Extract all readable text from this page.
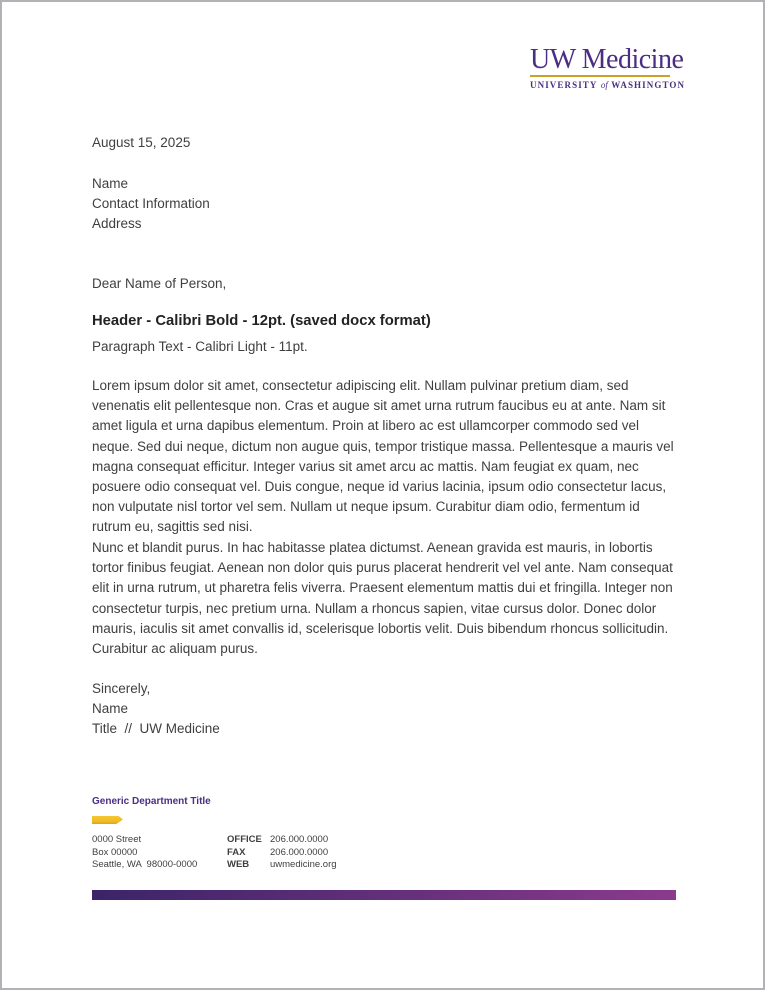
UW Medicine
UNIVERSITY of WASHINGTON
August 15, 2025
Name
Contact Information
Address
Dear Name of Person,
Header - Calibri Bold - 12pt. (saved docx format)
Paragraph Text - Calibri Light - 11pt.
Lorem ipsum dolor sit amet, consectetur adipiscing elit. Nullam pulvinar pretium diam, sed venenatis elit pellentesque non. Cras et augue sit amet urna rutrum faucibus eu at ante. Nam sit amet ligula et urna dapibus elementum. Proin at libero ac est ullamcorper commodo sed vel neque. Sed dui neque, dictum non augue quis, tempor tristique massa. Pellentesque a mauris vel magna consequat efficitur. Integer varius sit amet arcu ac mattis. Nam feugiat ex quam, nec posuere odio consequat vel. Duis congue, neque id varius lacinia, ipsum odio consectetur lacus, non vulputate nisl tortor vel sem. Nullam ut neque ipsum. Curabitur diam odio, fermentum id rutrum eu, sagittis sed nisi.
Nunc et blandit purus. In hac habitasse platea dictumst. Aenean gravida est mauris, in lobortis tortor finibus feugiat. Aenean non dolor quis purus placerat hendrerit vel vel ante. Nam consequat elit in urna rutrum, ut pharetra felis viverra. Praesent elementum mattis dui et fringilla. Integer non consectetur turpis, nec pretium urna. Nullam a rhoncus sapien, vitae cursus dolor. Donec dolor mauris, iaculis sit amet convallis id, scelerisque lobortis velit. Duis bibendum rhoncus sollicitudin. Curabitur ac aliquam purus.
Sincerely,
Name
Title  //  UW Medicine
Generic Department Title
0000 Street
Box 00000
Seattle, WA  98000-0000
OFFICE
FAX
WEB
206.000.0000
206.000.0000
uwmedicine.org
